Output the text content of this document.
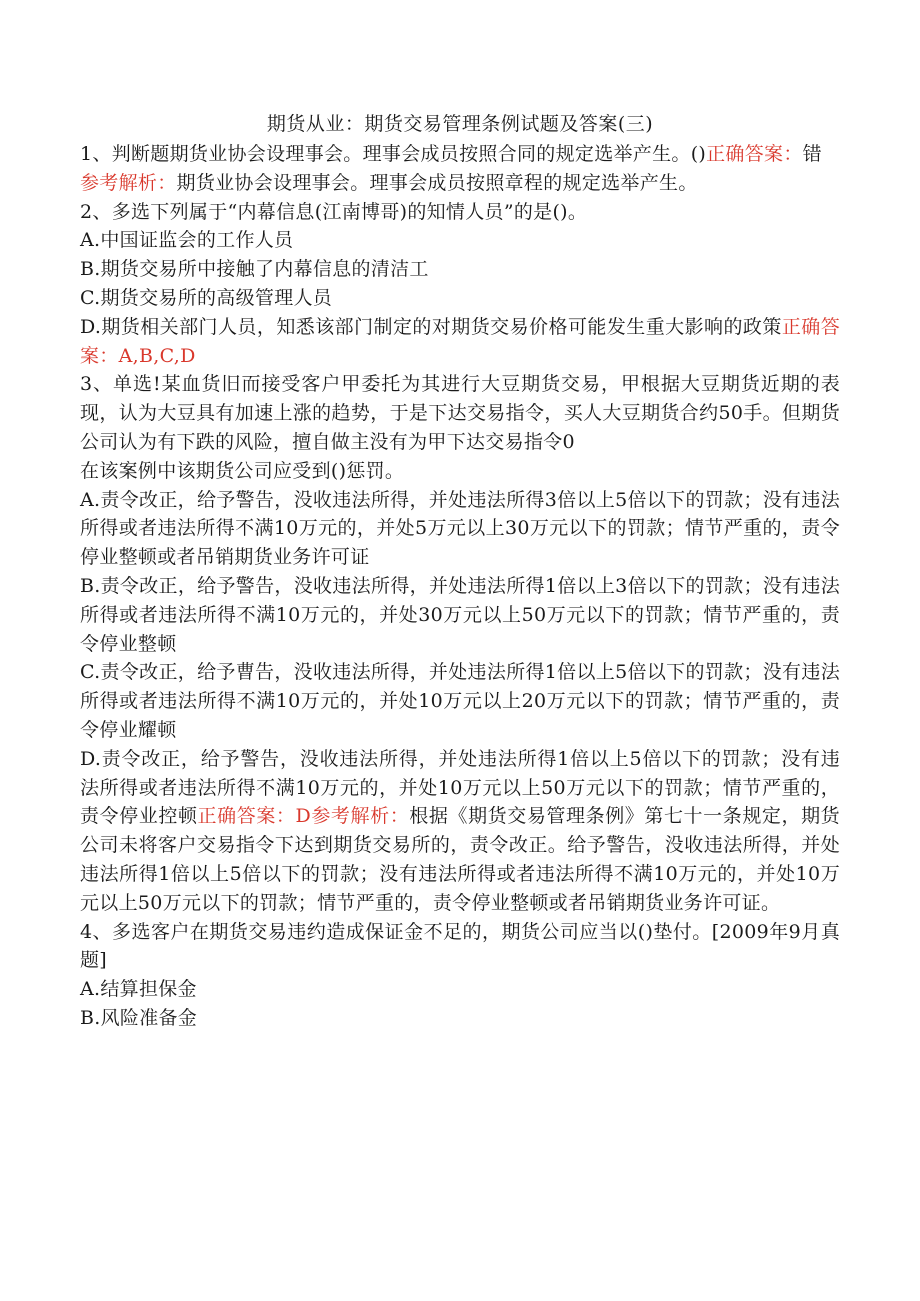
期货从业：期货交易管理条例试题及答案(三)

1、判断题期货业协会设理事会。理事会成员按照合同的规定选举产生。()正确答案：错

参考解析：期货业协会设理事会。理事会成员按照章程的规定选举产生。

2、多选下列属于“内幕信息(江南博哥)的知情人员”的是()。

A.中国证监会的工作人员

B.期货交易所中接触了内幕信息的清洁工

C.期货交易所的高级管理人员

D.期货相关部门人员，知悉该部门制定的对期货交易价格可能发生重大影响的政策正确答案：A,B,C,D

3、单选!某血货旧而接受客户甲委托为其进行大豆期货交易，甲根据大豆期货近期的表现，认为大豆具有加速上涨的趋势，于是下达交易指令，买人大豆期货合约50手。但期货公司认为有下跌的风险，擅自做主没有为甲下达交易指令0

在该案例中该期货公司应受到()惩罚。

A.责令改正，给予警告，没收违法所得，并处违法所得3倍以上5倍以下的罚款；没有违法所得或者违法所得不满10万元的，并处5万元以上30万元以下的罚款；情节严重的，责令停业整顿或者吊销期货业务许可证

B.责令改正，给予警告，没收违法所得，并处违法所得1倍以上3倍以下的罚款；没有违法所得或者违法所得不满10万元的，并处30万元以上50万元以下的罚款；情节严重的，责令停业整顿

C.责令改正，给予曹告，没收违法所得，并处违法所得1倍以上5倍以下的罚款；没有违法所得或者违法所得不满10万元的，并处10万元以上20万元以下的罚款；情节严重的，责令停业耀顿

D.责令改正，给予警告，没收违法所得，并处违法所得1倍以上5倍以下的罚款；没有违法所得或者违法所得不满10万元的，并处10万元以上50万元以下的罚款；情节严重的，责令停业控顿正确答案：D参考解析：根据《期货交易管理条例》第七十一条规定，期货公司未将客户交易指令下达到期货交易所的，责令改正。给予警告，没收违法所得，并处违法所得1倍以上5倍以下的罚款；没有违法所得或者违法所得不满10万元的，并处10万元以上50万元以下的罚款；情节严重的，责令停业整顿或者吊销期货业务许可证。

4、多选客户在期货交易违约造成保证金不足的，期货公司应当以()垫付。[2009年9月真题]

A.结算担保金

B.风险准备金
